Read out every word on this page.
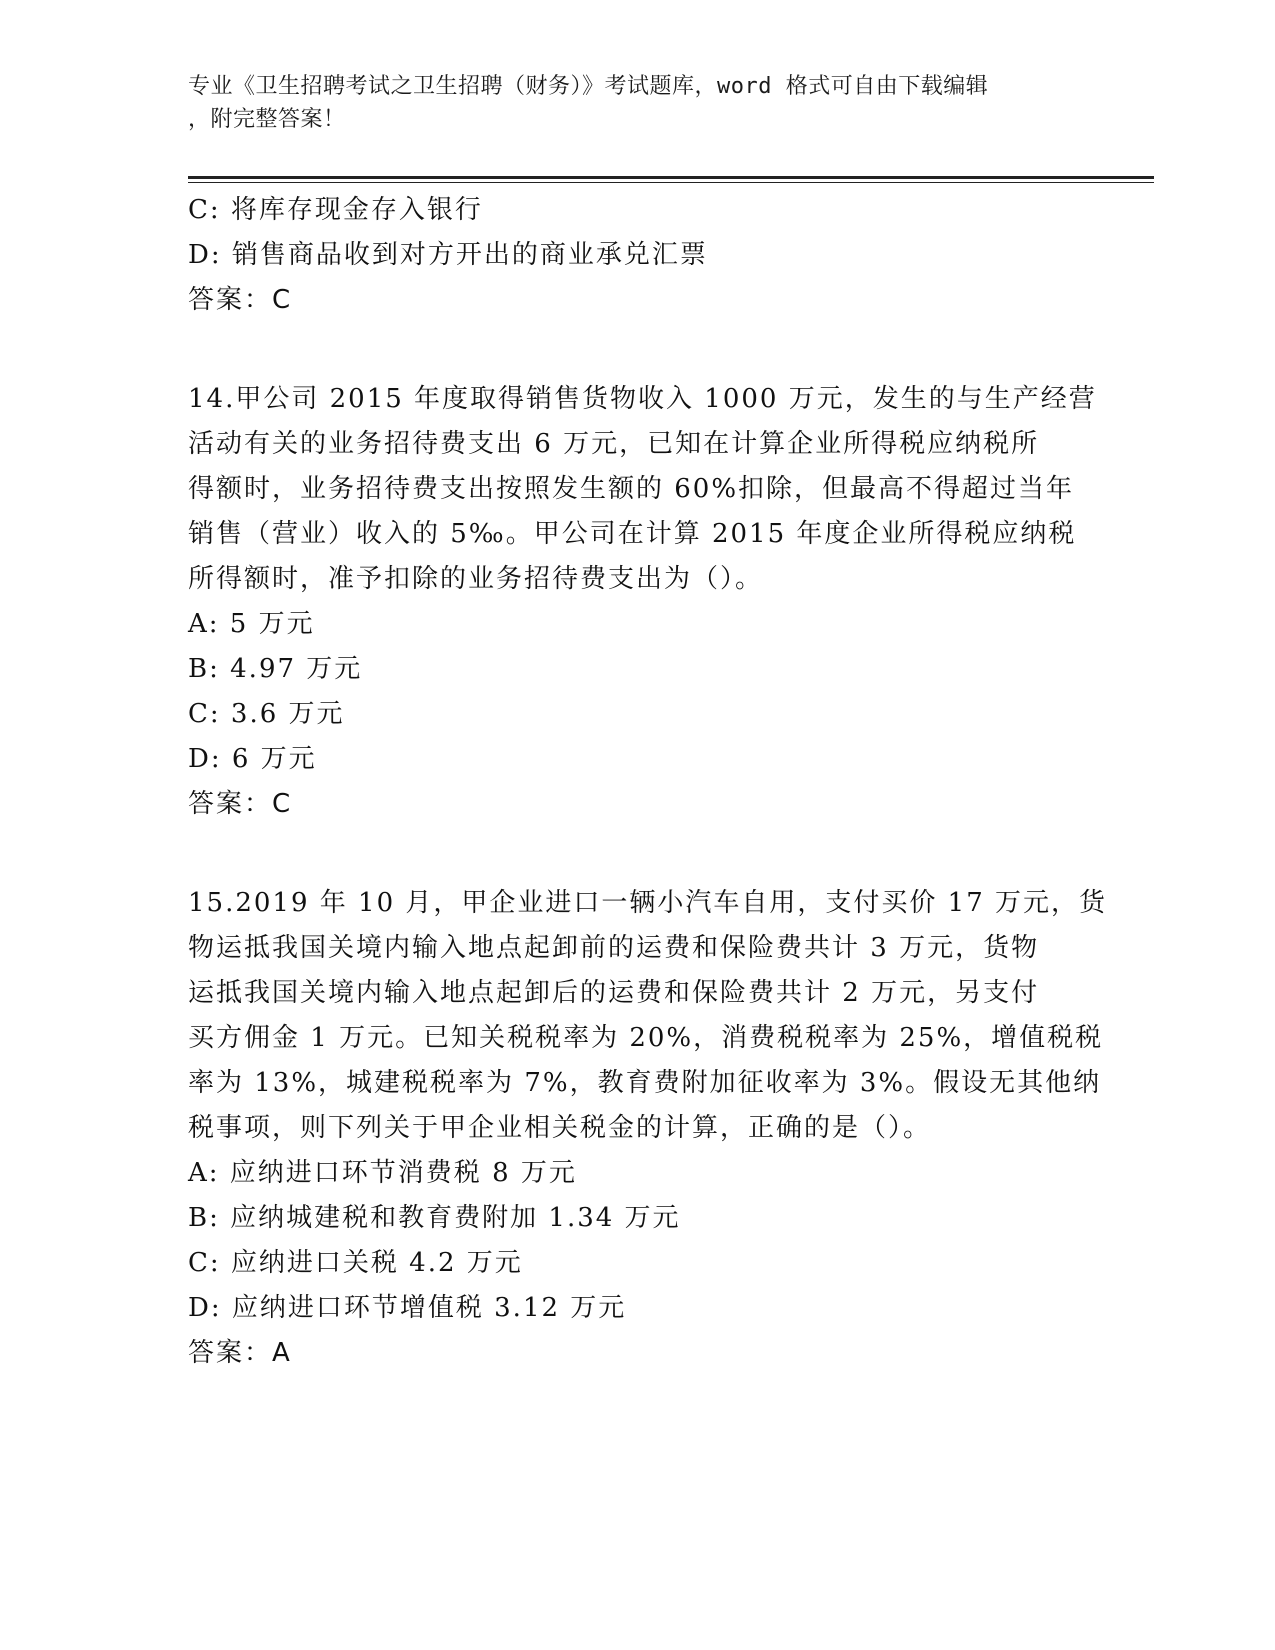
专业《卫生招聘考试之卫生招聘（财务）》考试题库，word 格式可自由下载编辑
，附完整答案！
C: 将库存现金存入银行
D: 销售商品收到对方开出的商业承兑汇票
答案：C
14.甲公司 2015 年度取得销售货物收入 1000 万元，发生的与生产经营
活动有关的业务招待费支出 6 万元，已知在计算企业所得税应纳税所
得额时，业务招待费支出按照发生额的 60%扣除，但最高不得超过当年
销售（营业）收入的 5‰。甲公司在计算 2015 年度企业所得税应纳税
所得额时，准予扣除的业务招待费支出为（）。
A: 5 万元
B: 4.97 万元
C: 3.6 万元
D: 6 万元
答案：C
15.2019 年 10 月，甲企业进口一辆小汽车自用，支付买价 17 万元，货
物运抵我国关境内输入地点起卸前的运费和保险费共计 3 万元，货物
运抵我国关境内输入地点起卸后的运费和保险费共计 2 万元，另支付
买方佣金 1 万元。已知关税税率为 20%，消费税税率为 25%，增值税税
率为 13%，城建税税率为 7%，教育费附加征收率为 3%。假设无其他纳
税事项，则下列关于甲企业相关税金的计算，正确的是（）。
A: 应纳进口环节消费税 8 万元
B: 应纳城建税和教育费附加 1.34 万元
C: 应纳进口关税 4.2 万元
D: 应纳进口环节增值税 3.12 万元
答案：A
